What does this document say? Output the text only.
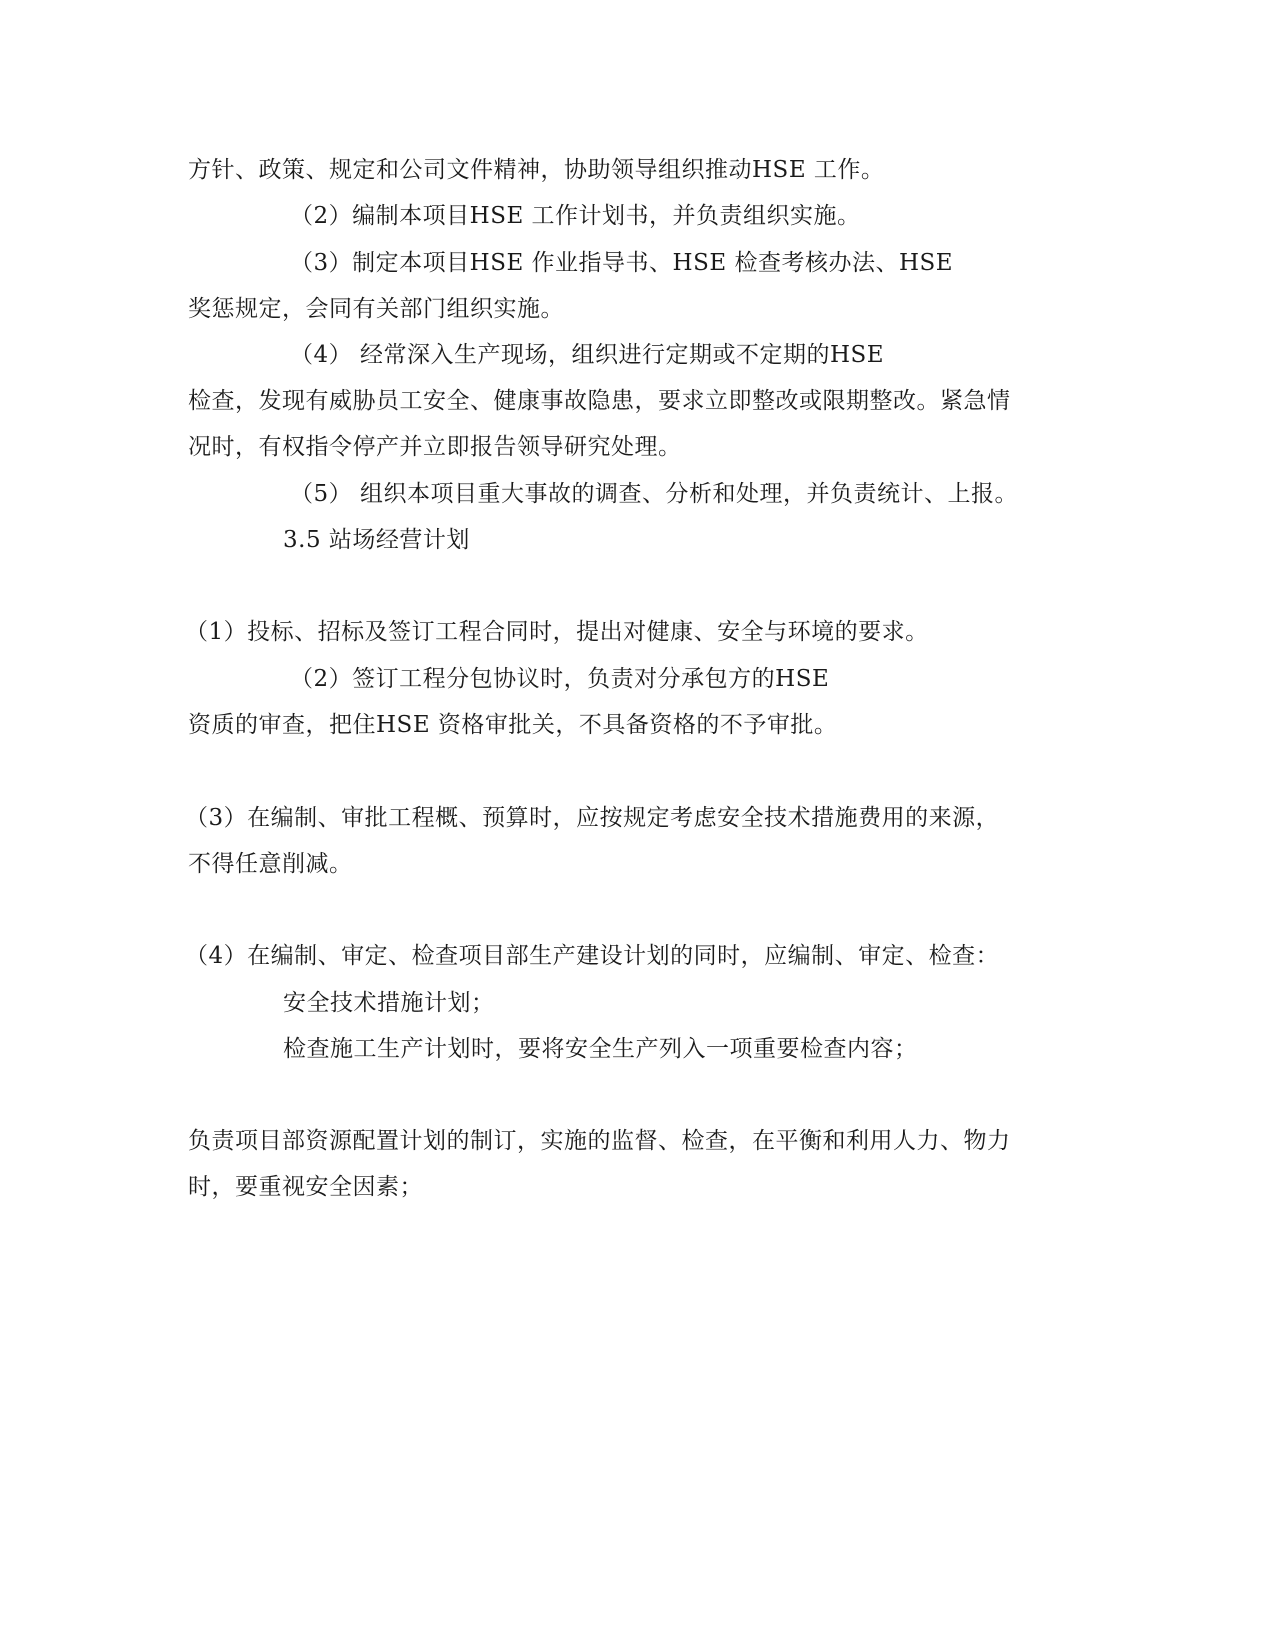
方针、政策、规定和公司文件精神，协助领导组织推动HSE 工作。
（2）编制本项目HSE 工作计划书，并负责组织实施。
（3）制定本项目HSE 作业指导书、HSE 检查考核办法、HSE
奖惩规定，会同有关部门组织实施。
（4） 经常深入生产现场，组织进行定期或不定期的HSE
检查，发现有威胁员工安全、健康事故隐患，要求立即整改或限期整改。紧急情
况时，有权指令停产并立即报告领导研究处理。
（5） 组织本项目重大事故的调查、分析和处理，并负责统计、上报。
3.5 站场经营计划
（1）投标、招标及签订工程合同时，提出对健康、安全与环境的要求。
（2）签订工程分包协议时，负责对分承包方的HSE
资质的审查，把住HSE 资格审批关，不具备资格的不予审批。
（3）在编制、审批工程概、预算时，应按规定考虑安全技术措施费用的来源，
不得任意削减。
（4）在编制、审定、检查项目部生产建设计划的同时，应编制、审定、检查：
安全技术措施计划；
检查施工生产计划时，要将安全生产列入一项重要检查内容；
负责项目部资源配置计划的制订，实施的监督、检查，在平衡和利用人力、物力
时，要重视安全因素；
